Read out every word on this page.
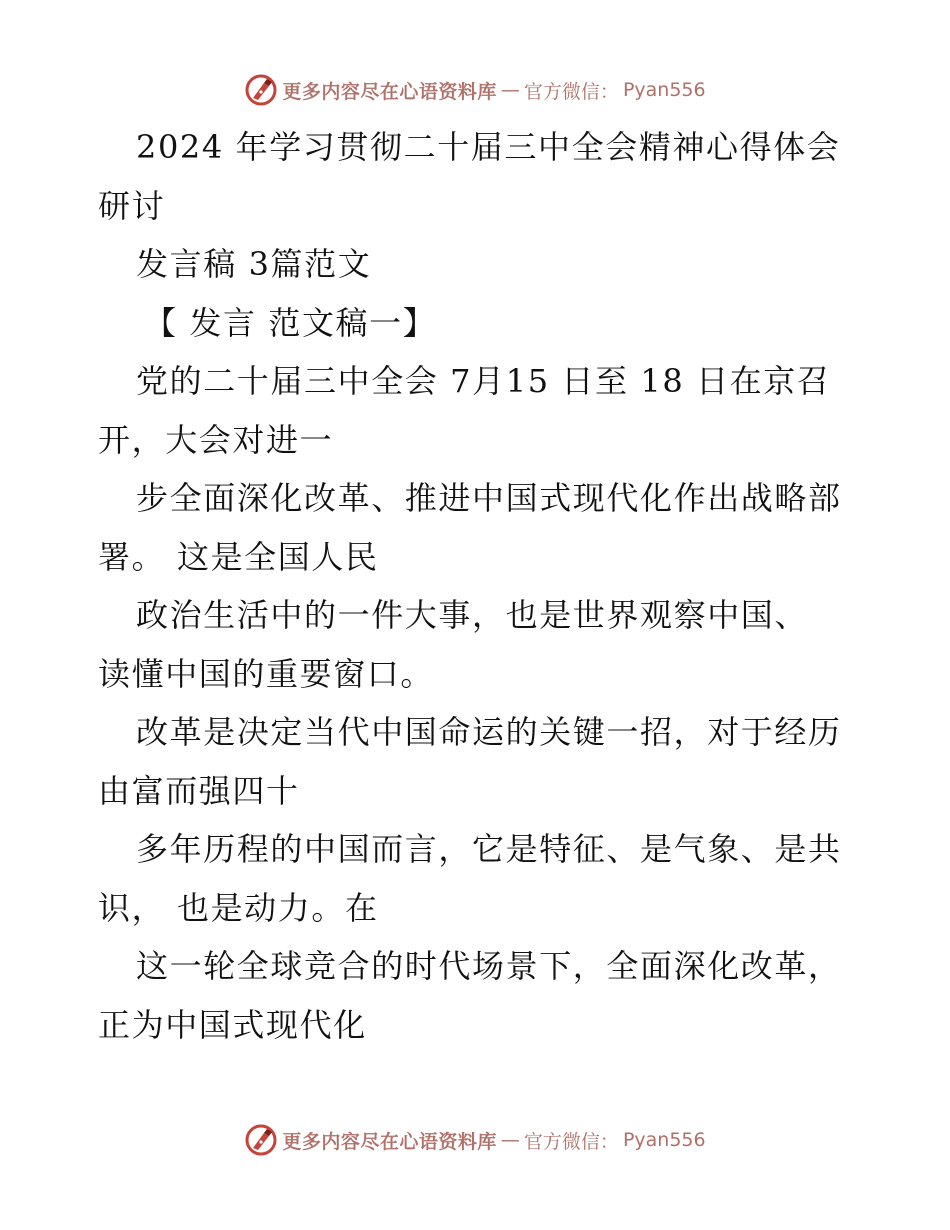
更多内容尽在心语资料库 — 官方微信： Pyan556
2024 年学习贯彻二十届三中全会精神心得体会
研讨
发言稿 3篇范文
【 发言 范文稿一】
党的二十届三中全会 7月15 日至 18 日在京召
开，大会对进一
步全面深化改革、推进中国式现代化作出战略部
署。 这是全国人民
政治生活中的一件大事，也是世界观察中国、
读懂中国的重要窗口。
改革是决定当代中国命运的关键一招，对于经历
由富而强四十
多年历程的中国而言，它是特征、是气象、是共
识， 也是动力。在
这一轮全球竞合的时代场景下，全面深化改革，
正为中国式现代化
更多内容尽在心语资料库 — 官方微信： Pyan556
